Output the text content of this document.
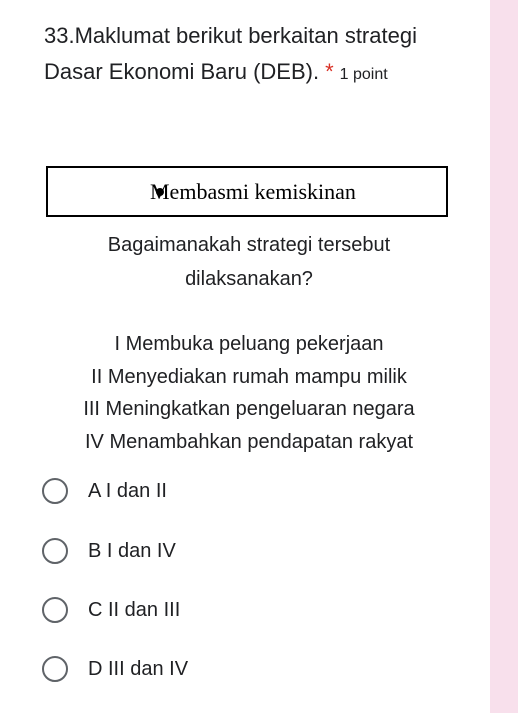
33.Maklumat berikut berkaitan strategi Dasar Ekonomi Baru (DEB). * 1 point
Membasmi kemiskinan
Bagaimanakah strategi tersebut dilaksanakan?
I Membuka peluang pekerjaan
II Menyediakan rumah mampu milik
III Meningkatkan pengeluaran negara
IV Menambahkan pendapatan rakyat
A I dan II
B I dan IV
C II dan III
D III dan IV
